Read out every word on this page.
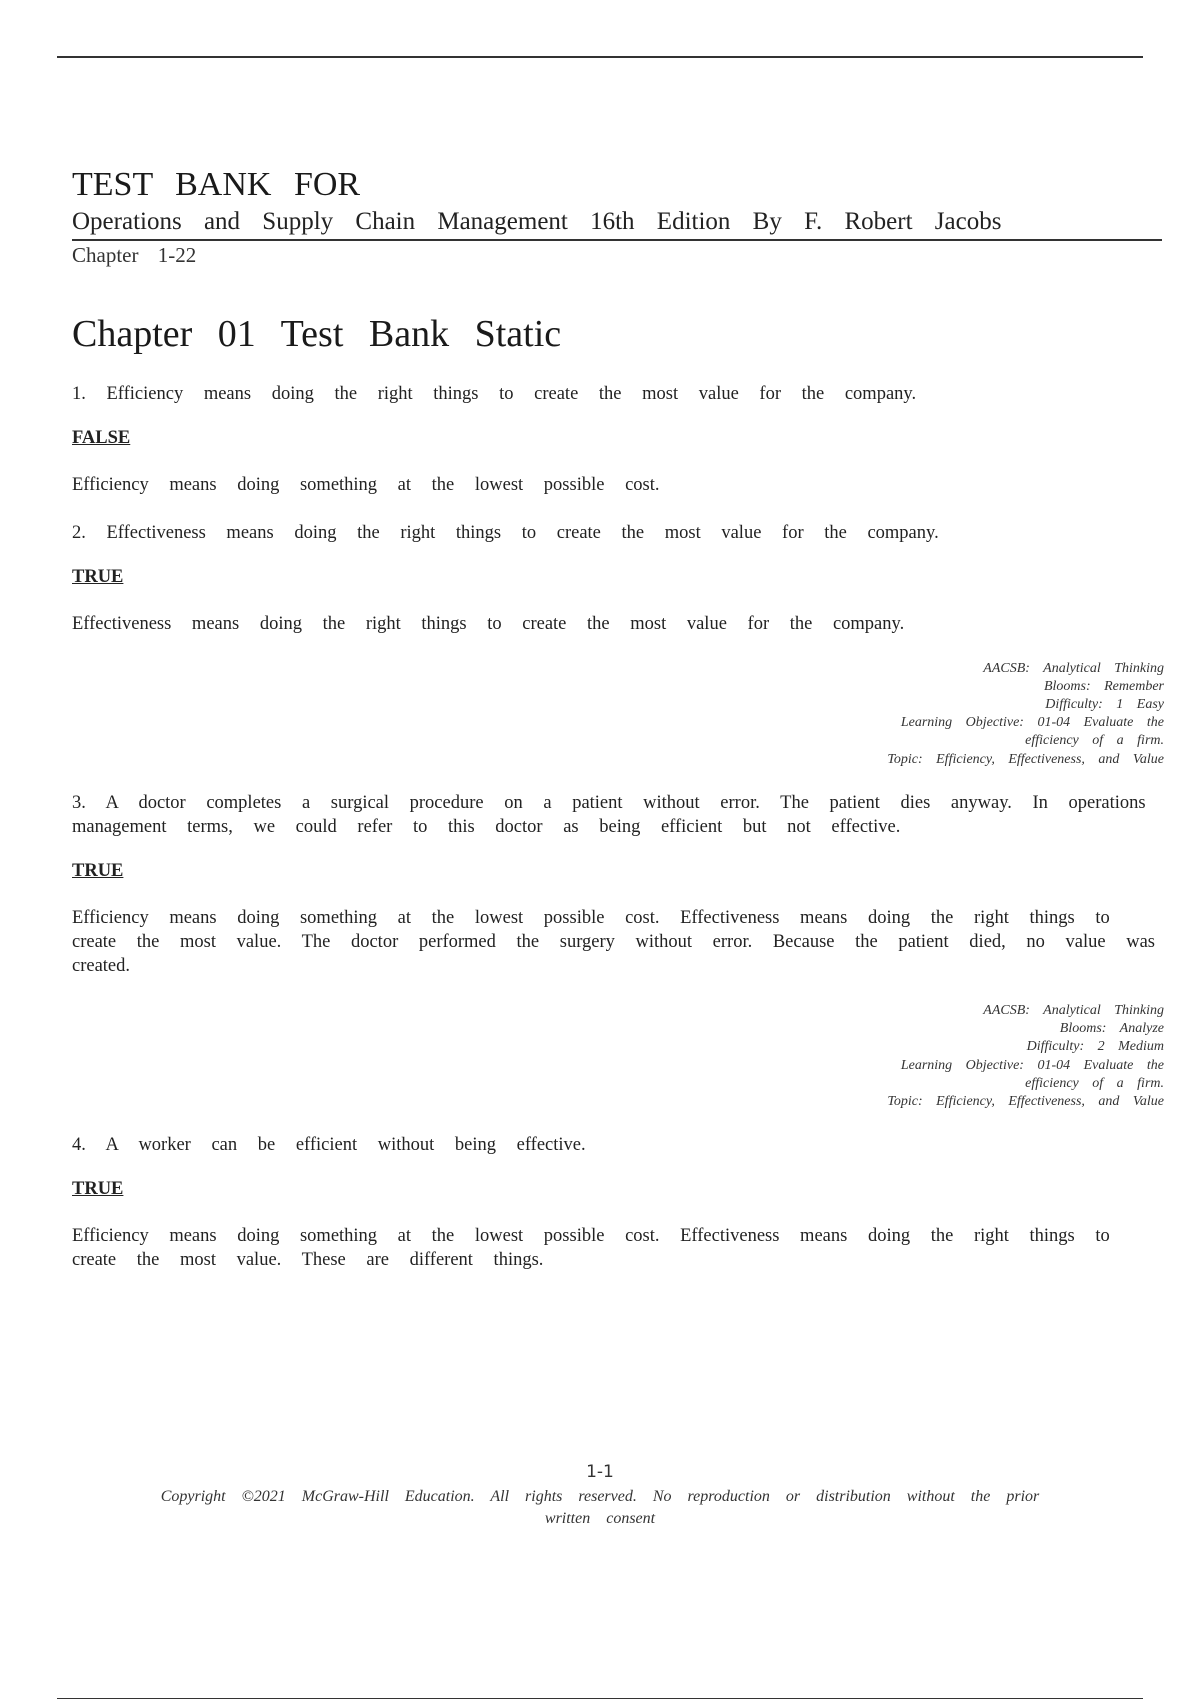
TEST BANK FOR
Operations and Supply Chain Management 16th Edition By F. Robert Jacobs
Chapter 1-22
Chapter 01 Test Bank Static

1. Efficiency means doing the right things to create the most value for the company.

FALSE

Efficiency means doing something at the lowest possible cost.

2. Effectiveness means doing the right things to create the most value for the company.

TRUE

Effectiveness means doing the right things to create the most value for the company.

AACSB: Analytical Thinking
Blooms: Remember
Difficulty: 1 Easy
Learning Objective: 01-04 Evaluate the efficiency of a firm.
Topic: Efficiency, Effectiveness, and Value

3. A doctor completes a surgical procedure on a patient without error. The patient dies anyway. In operations management terms, we could refer to this doctor as being efficient but not effective.

TRUE

Efficiency means doing something at the lowest possible cost. Effectiveness means doing the right things to create the most value. The doctor performed the surgery without error. Because the patient died, no value was created.

AACSB: Analytical Thinking
Blooms: Analyze
Difficulty: 2 Medium
Learning Objective: 01-04 Evaluate the efficiency of a firm.
Topic: Efficiency, Effectiveness, and Value

4. A worker can be efficient without being effective.

TRUE

Efficiency means doing something at the lowest possible cost. Effectiveness means doing the right things to create the most value. These are different things.

1-1
Copyright ©2021 McGraw-Hill Education. All rights reserved. No reproduction or distribution without the prior written consent
